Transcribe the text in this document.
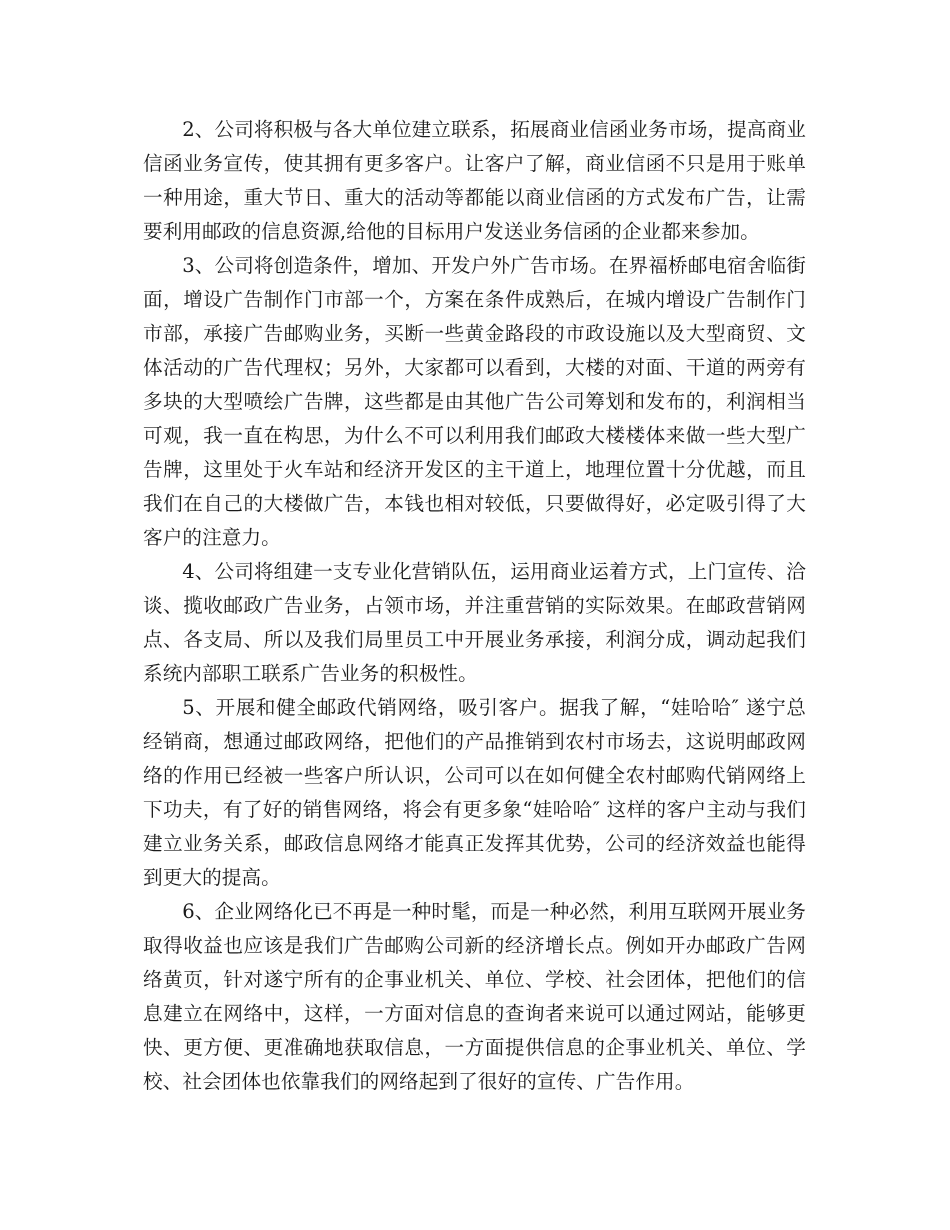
2、公司将积极与各大单位建立联系，拓展商业信函业务市场，提高商业信函业务宣传，使其拥有更多客户。让客户了解，商业信函不只是用于账单一种用途，重大节日、重大的活动等都能以商业信函的方式发布广告，让需要利用邮政的信息资源,给他的目标用户发送业务信函的企业都来参加。

3、公司将创造条件，增加、开发户外广告市场。在界福桥邮电宿舍临街面，增设广告制作门市部一个，方案在条件成熟后，在城内增设广告制作门市部，承接广告邮购业务，买断一些黄金路段的市政设施以及大型商贸、文体活动的广告代理权；另外，大家都可以看到，大楼的对面、干道的两旁有多块的大型喷绘广告牌，这些都是由其他广告公司筹划和发布的，利润相当可观，我一直在构思，为什么不可以利用我们邮政大楼楼体来做一些大型广告牌，这里处于火车站和经济开发区的主干道上，地理位置十分优越，而且我们在自己的大楼做广告，本钱也相对较低，只要做得好，必定吸引得了大客户的注意力。

4、公司将组建一支专业化营销队伍，运用商业运着方式，上门宣传、洽谈、揽收邮政广告业务，占领市场，并注重营销的实际效果。在邮政营销网点、各支局、所以及我们局里员工中开展业务承接，利润分成，调动起我们系统内部职工联系广告业务的积极性。

5、开展和健全邮政代销网络，吸引客户。据我了解，“娃哈哈″ 遂宁总经销商，想通过邮政网络，把他们的产品推销到农村市场去，这说明邮政网络的作用已经被一些客户所认识，公司可以在如何健全农村邮购代销网络上下功夫，有了好的销售网络，将会有更多象“娃哈哈″ 这样的客户主动与我们建立业务关系，邮政信息网络才能真正发挥其优势，公司的经济效益也能得到更大的提高。

6、企业网络化已不再是一种时髦，而是一种必然，利用互联网开展业务取得收益也应该是我们广告邮购公司新的经济增长点。例如开办邮政广告网络黄页，针对遂宁所有的企事业机关、单位、学校、社会团体，把他们的信息建立在网络中，这样，一方面对信息的查询者来说可以通过网站，能够更快、更方便、更准确地获取信息，一方面提供信息的企事业机关、单位、学校、社会团体也依靠我们的网络起到了很好的宣传、广告作用。
